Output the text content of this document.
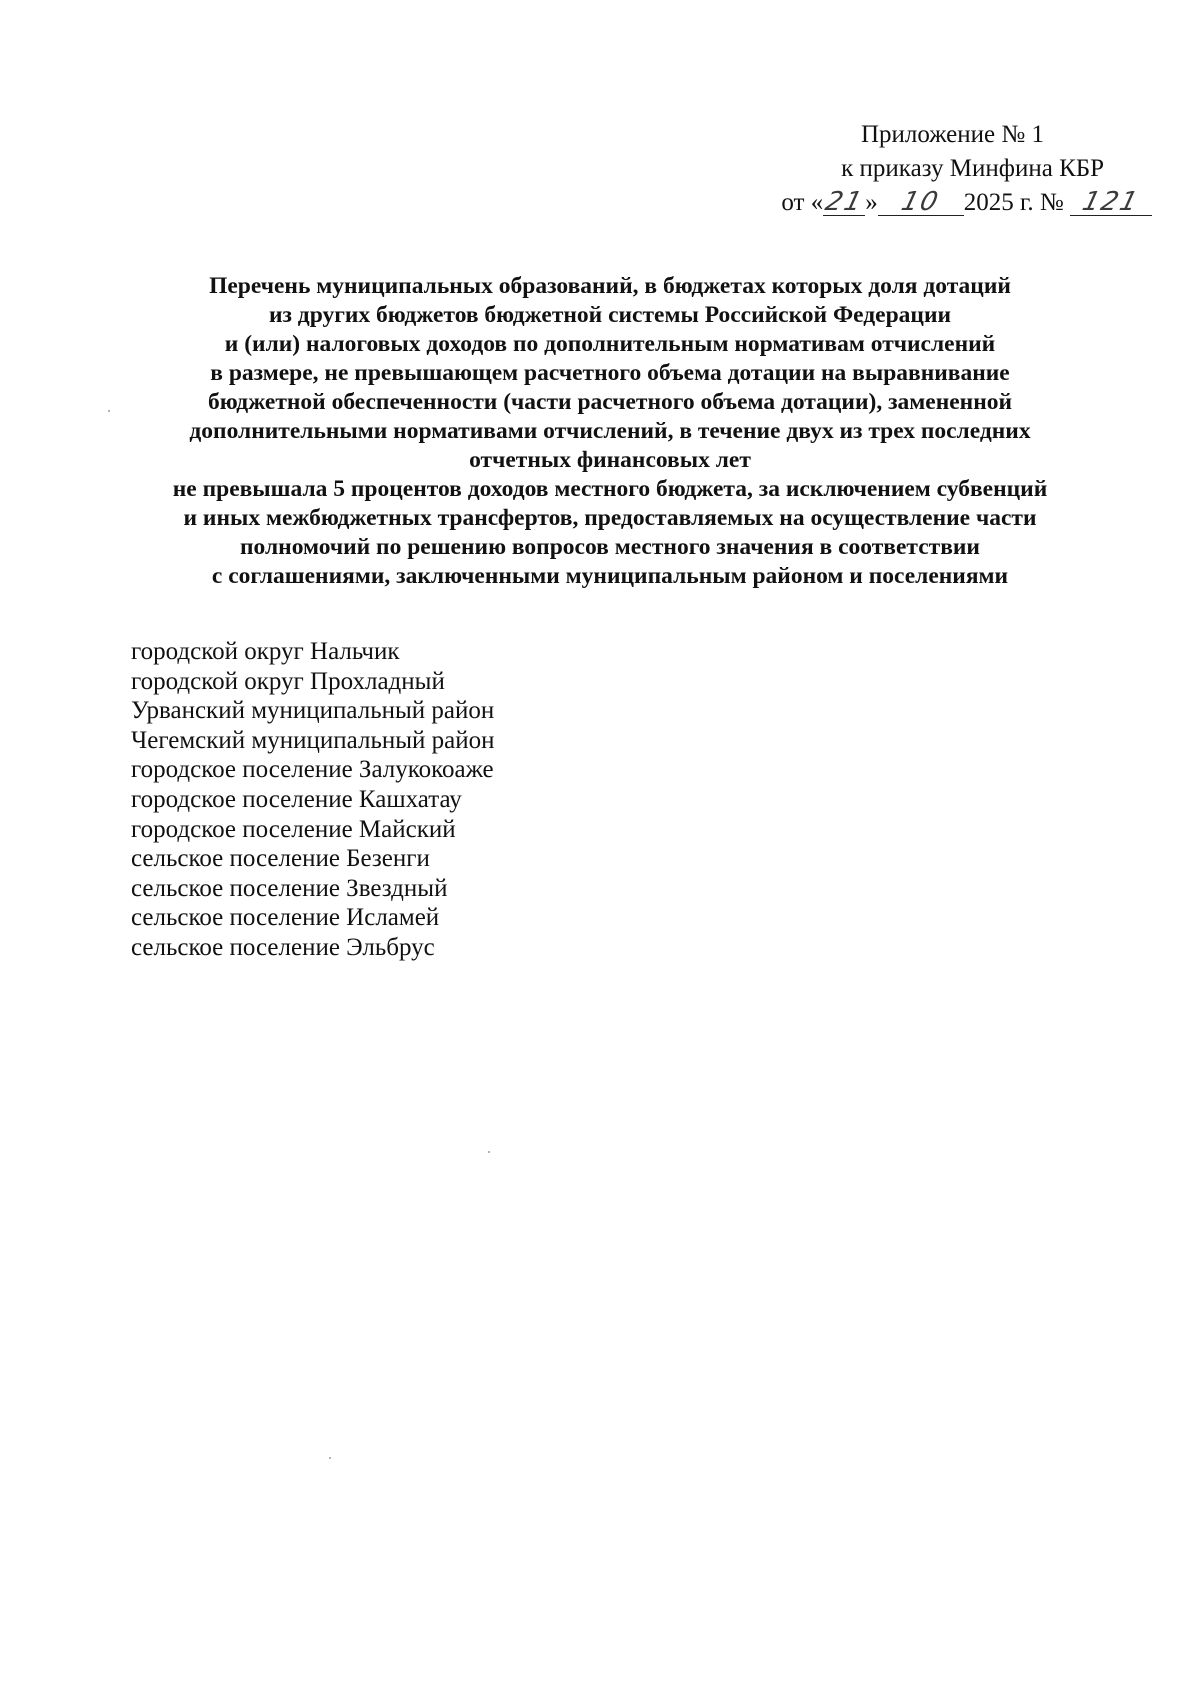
Приложение № 1
к приказу Минфина КБР
от «21» 10 2025 г. № 121
Перечень муниципальных образований, в бюджетах которых доля дотаций
из других бюджетов бюджетной системы Российской Федерации
и (или) налоговых доходов по дополнительным нормативам отчислений
в размере, не превышающем расчетного объема дотации на выравнивание
бюджетной обеспеченности (части расчетного объема дотации), замененной
дополнительными нормативами отчислений, в течение двух из трех последних
отчетных финансовых лет
не превышала 5 процентов доходов местного бюджета, за исключением субвенций
и иных межбюджетных трансфертов, предоставляемых на осуществление части
полномочий по решению вопросов местного значения в соответствии
с соглашениями, заключенными муниципальным районом и поселениями
городской округ Нальчик
городской округ Прохладный
Урванский муниципальный район
Чегемский муниципальный район
городское поселение Залукокоаже
городское поселение Кашхатау
городское поселение Майский
сельское поселение Безенги
сельское поселение Звездный
сельское поселение Исламей
сельское поселение Эльбрус
